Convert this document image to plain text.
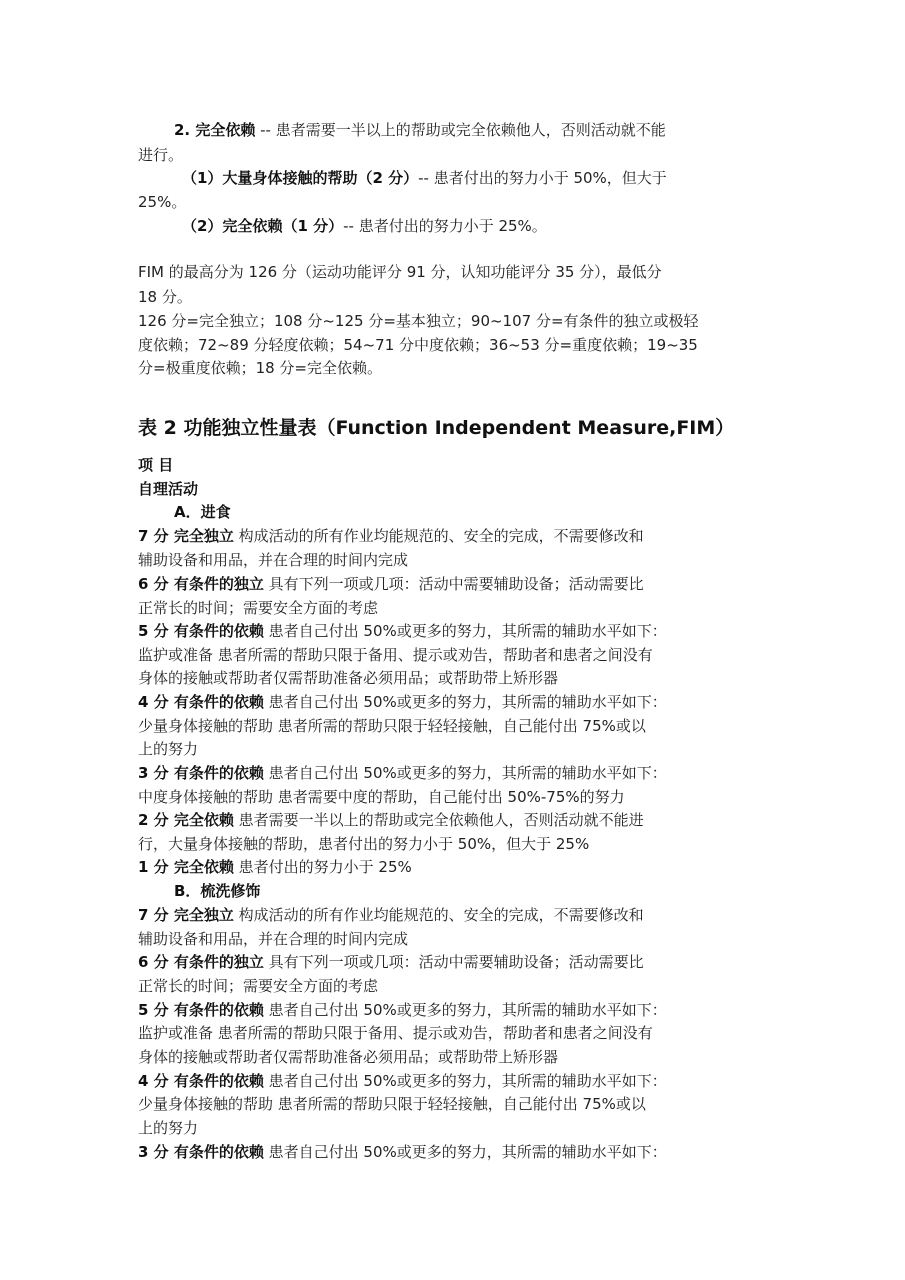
2. 完全依赖 -- 患者需要一半以上的帮助或完全依赖他人，否则活动就不能
进行。
（1）大量身体接触的帮助（2 分）-- 患者付出的努力小于 50%，但大于
25%。
（2）完全依赖（1 分）-- 患者付出的努力小于 25%。
FIM 的最高分为 126 分（运动功能评分 91 分，认知功能评分 35 分），最低分
18 分。
126 分=完全独立；108 分~125 分=基本独立；90~107 分=有条件的独立或极轻
度依赖；72~89 分轻度依赖；54~71 分中度依赖；36~53 分=重度依赖；19~35
分=极重度依赖；18 分=完全依赖。
表 2 功能独立性量表（Function Independent Measure,FIM）
项 目
自理活动
A．进食
7 分 完全独立 构成活动的所有作业均能规范的、安全的完成，不需要修改和
辅助设备和用品，并在合理的时间内完成
6 分 有条件的独立 具有下列一项或几项：活动中需要辅助设备；活动需要比
正常长的时间；需要安全方面的考虑
5 分 有条件的依赖 患者自己付出 50%或更多的努力，其所需的辅助水平如下：
监护或准备 患者所需的帮助只限于备用、提示或劝告，帮助者和患者之间没有
身体的接触或帮助者仅需帮助准备必须用品；或帮助带上矫形器
4 分 有条件的依赖 患者自己付出 50%或更多的努力，其所需的辅助水平如下：
少量身体接触的帮助 患者所需的帮助只限于轻轻接触，自己能付出 75%或以
上的努力
3 分 有条件的依赖 患者自己付出 50%或更多的努力，其所需的辅助水平如下：
中度身体接触的帮助 患者需要中度的帮助，自己能付出 50%-75%的努力
2 分 完全依赖 患者需要一半以上的帮助或完全依赖他人，否则活动就不能进
行，大量身体接触的帮助，患者付出的努力小于 50%，但大于 25%
1 分 完全依赖 患者付出的努力小于 25%
B．梳洗修饰
7 分 完全独立 构成活动的所有作业均能规范的、安全的完成，不需要修改和
辅助设备和用品，并在合理的时间内完成
6 分 有条件的独立 具有下列一项或几项：活动中需要辅助设备；活动需要比
正常长的时间；需要安全方面的考虑
5 分 有条件的依赖 患者自己付出 50%或更多的努力，其所需的辅助水平如下：
监护或准备 患者所需的帮助只限于备用、提示或劝告，帮助者和患者之间没有
身体的接触或帮助者仅需帮助准备必须用品；或帮助带上矫形器
4 分 有条件的依赖 患者自己付出 50%或更多的努力，其所需的辅助水平如下：
少量身体接触的帮助 患者所需的帮助只限于轻轻接触，自己能付出 75%或以
上的努力
3 分 有条件的依赖 患者自己付出 50%或更多的努力，其所需的辅助水平如下：
